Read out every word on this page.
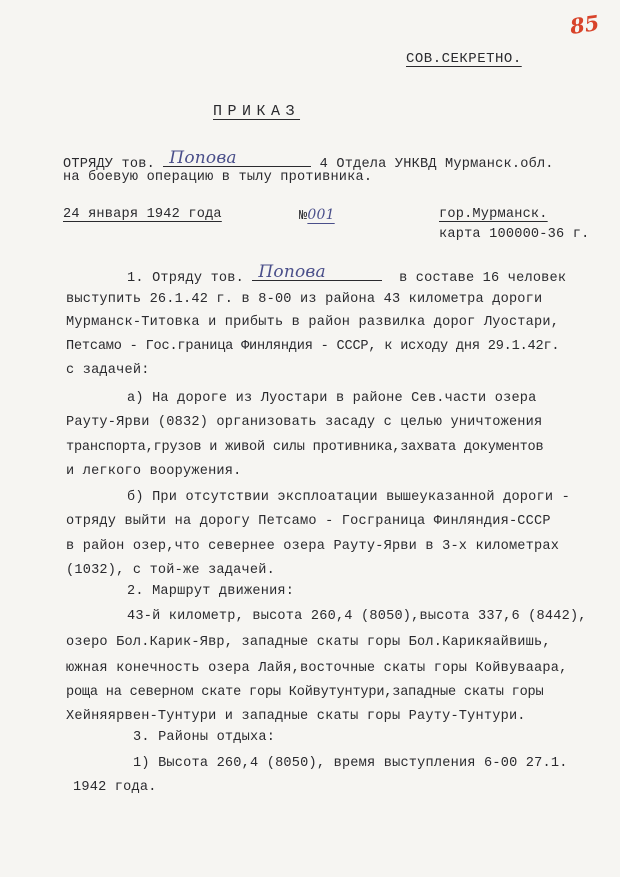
85
СОВ.СЕКРЕТНО.
ПРИКАЗ
ОТРЯДУ тов. Попова	4 Отдела УНКВД Мурманск.обл.
на боевую операцию в тылу противника.
24 января 1942 года	№001	гор.Мурманск.
карта 100000-36 г.
1. Отряду тов. Попова	в составе 16 человек
выступить 26.1.42 г. в 8-00 из района 43 километра дороги
Мурманск-Титовка и прибыть в район развилка дорог Луостари,
Петсамо - Гос.граница Финляндия - СССР, к исходу дня 29.1.42г.
с задачей:
а) На дороге из Луостари в районе Сев.части озера
Рауту-Ярви (0832) организовать засаду с целью уничтожения
транспорта,грузов и живой силы противника,захвата документов
и легкого вооружения.
б) При отсутствии эксплоатации вышеуказанной дороги -
отряду выйти на дорогу Петсамо - Госграница Финляндия-СССР
в район озер,что севернее озера Рауту-Ярви в 3-х километрах
(1032), с той-же задачей.
2. Маршрут движения:
43-й километр, высота 260,4 (8050),высота 337,6 (8442),
озеро Бол.Карик-Явр, западные скаты горы Бол.Карикяайвишь,
южная конечность озера Лайя,восточные скаты горы Койвуваара,
роща на северном скате горы Койвутунтури,западные скаты горы
Хейняярвен-Тунтури и западные скаты горы Рауту-Тунтури.
3. Районы отдыха:
1) Высота 260,4 (8050), время выступления 6-00 27.1.
1942 года.
